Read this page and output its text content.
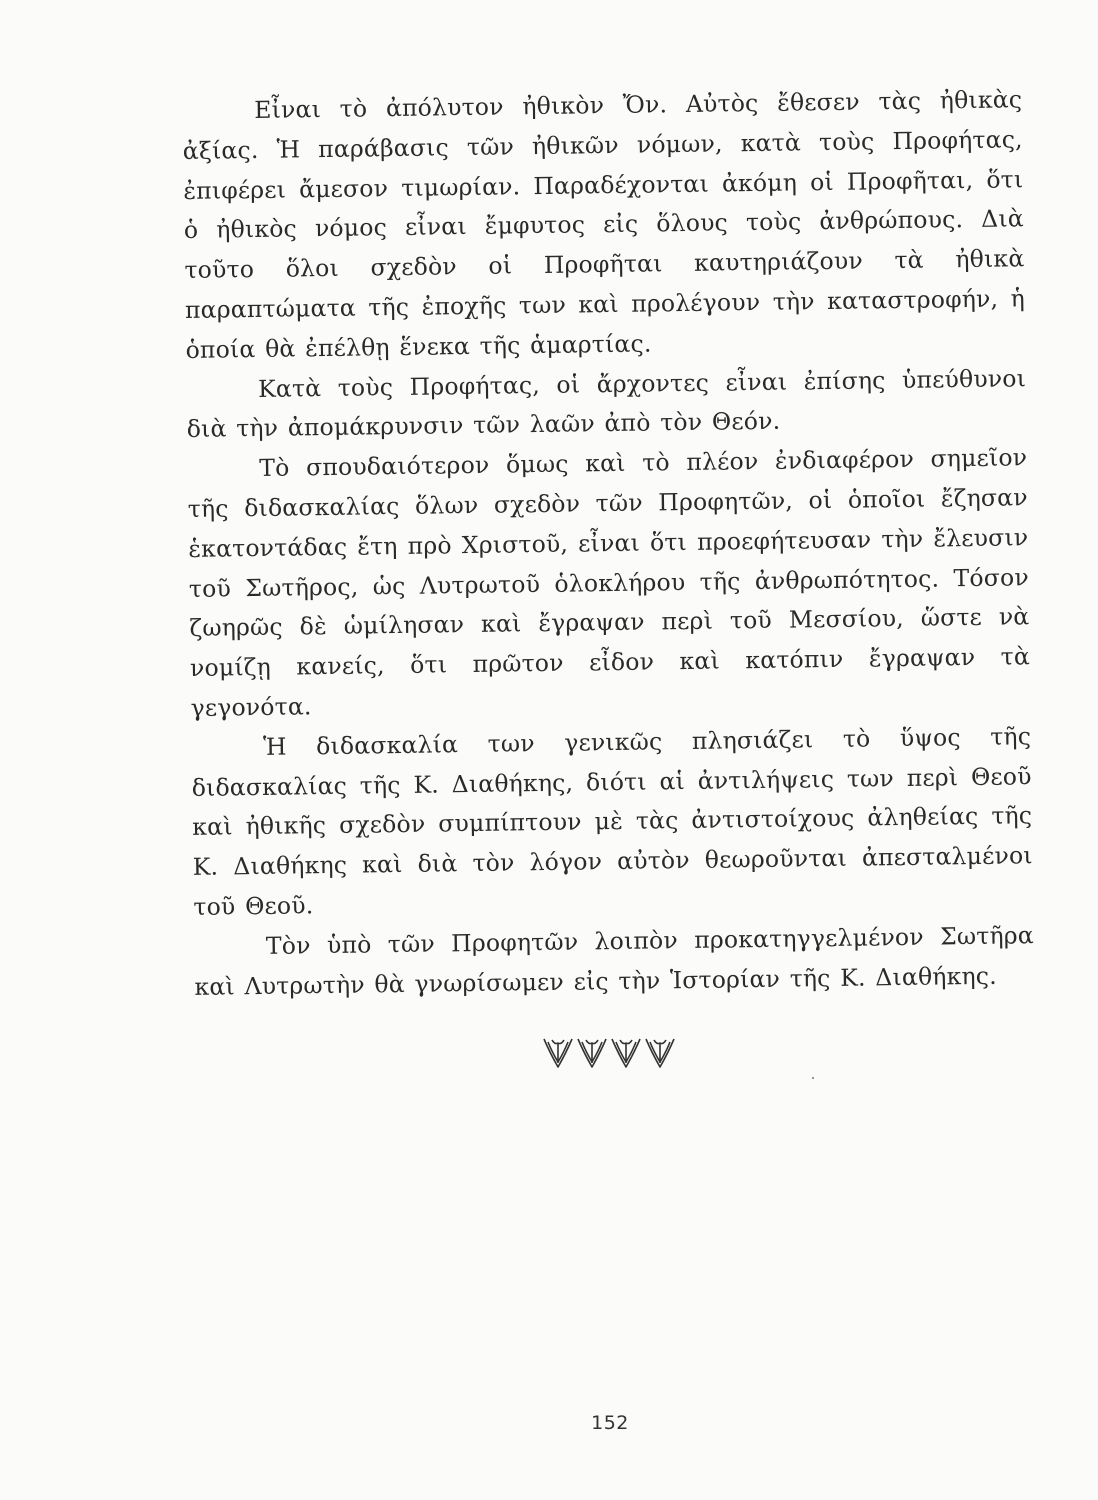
Εἶναι τὸ ἀπόλυτον ἠθικὸν Ὄν. Αὐτὸς ἔθεσεν τὰς ἠθικὰς ἀξίας. Ἡ παράβασις τῶν ἠθικῶν νόμων, κατὰ τοὺς Προφήτας, ἐπιφέρει ἄμεσον τιμωρίαν. Παραδέχονται ἀκόμη οἱ Προφῆται, ὅτι ὁ ἠθικὸς νόμος εἶναι ἔμφυτος εἰς ὅλους τοὺς ἀνθρώπους. Διὰ τοῦτο ὅλοι σχεδὸν οἱ Προφῆται καυτηριάζουν τὰ ἠθικὰ παραπτώματα τῆς ἐποχῆς των καὶ προλέγουν τὴν καταστροφήν, ἡ ὁποία θὰ ἐπέλθῃ ἕνεκα τῆς ἁμαρτίας.

Κατὰ τοὺς Προφήτας, οἱ ἄρχοντες εἶναι ἐπίσης ὑπεύθυνοι διὰ τὴν ἀπομάκρυνσιν τῶν λαῶν ἀπὸ τὸν Θεόν.

Τὸ σπουδαιότερον ὅμως καὶ τὸ πλέον ἐνδιαφέρον σημεῖον τῆς διδασκαλίας ὅλων σχεδὸν τῶν Προφητῶν, οἱ ὁποῖοι ἔζησαν ἑκατοντάδας ἔτη πρὸ Χριστοῦ, εἶναι ὅτι προεφήτευσαν τὴν ἔλευσιν τοῦ Σωτῆρος, ὡς Λυτρωτοῦ ὁλοκλήρου τῆς ἀνθρωπότητος. Τόσον ζωηρῶς δὲ ὡμίλησαν καὶ ἔγραψαν περὶ τοῦ Μεσσίου, ὥστε νὰ νομίζῃ κανείς, ὅτι πρῶτον εἶδον καὶ κατόπιν ἔγραψαν τὰ γεγονότα.

Ἡ διδασκαλία των γενικῶς πλησιάζει τὸ ὕψος τῆς διδασκαλίας τῆς Κ. Διαθήκης, διότι αἱ ἀντιλήψεις των περὶ Θεοῦ καὶ ἠθικῆς σχεδὸν συμπίπτουν μὲ τὰς ἀντιστοίχους ἀληθείας τῆς Κ. Διαθήκης καὶ διὰ τὸν λόγον αὐτὸν θεωροῦνται ἀπεσταλμένοι τοῦ Θεοῦ.

Τὸν ὑπὸ τῶν Προφητῶν λοιπὸν προκατηγγελμένον Σωτῆρα καὶ Λυτρωτὴν θὰ γνωρίσωμεν εἰς τὴν Ἱστορίαν τῆς Κ. Διαθήκης.

152
